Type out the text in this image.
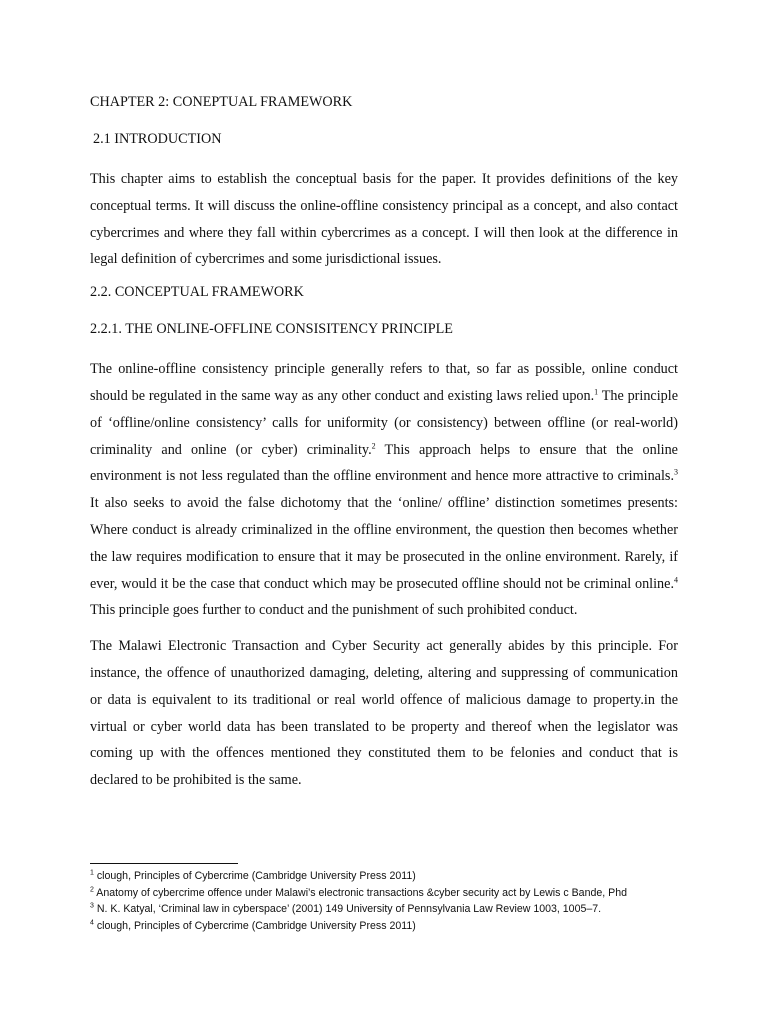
CHAPTER 2: CONEPTUAL FRAMEWORK

2.1 INTRODUCTION

This chapter aims to establish the conceptual basis for the paper. It provides definitions of the key conceptual terms. It will discuss the online-offline consistency principal as a concept, and also contact cybercrimes and where they fall within cybercrimes as a concept. I will then look at the difference in legal definition of cybercrimes and some jurisdictional issues.

2.2. CONCEPTUAL FRAMEWORK

2.2.1. THE ONLINE-OFFLINE CONSISITENCY PRINCIPLE

The online-offline consistency principle generally refers to that, so far as possible, online conduct should be regulated in the same way as any other conduct and existing laws relied upon.$^1$ The principle of ‘offline/online consistency’ calls for uniformity (or consistency) between offline (or real-world) criminality and online (or cyber) criminality.$^2$ This approach helps to ensure that the online environment is not less regulated than the offline environment and hence more attractive to criminals.$^3$ It also seeks to avoid the false dichotomy that the ‘online/ offline’ distinction sometimes presents: Where conduct is already criminalized in the offline environment, the question then becomes whether the law requires modification to ensure that it may be prosecuted in the online environment. Rarely, if ever, would it be the case that conduct which may be prosecuted offline should not be criminal online.$^4$ This principle goes further to conduct and the punishment of such prohibited conduct.

The Malawi Electronic Transaction and Cyber Security act generally abides by this principle. For instance, the offence of unauthorized damaging, deleting, altering and suppressing of communication or data is equivalent to its traditional or real world offence of malicious damage to property.in the virtual or cyber world data has been translated to be property and thereof when the legislator was coming up with the offences mentioned they constituted them to be felonies and conduct that is declared to be prohibited is the same.

$^1$ clough, Principles of Cybercrime (Cambridge University Press 2011)

$^2$ Anatomy of cybercrime offence under Malawi’s electronic transactions &cyber security act by Lewis c Bande, Phd

$^3$ N. K. Katyal, ‘Criminal law in cyberspace’ (2001) 149 University of Pennsylvania Law Review 1003, 1005–7.

$^4$ clough, Principles of Cybercrime (Cambridge University Press 2011)
